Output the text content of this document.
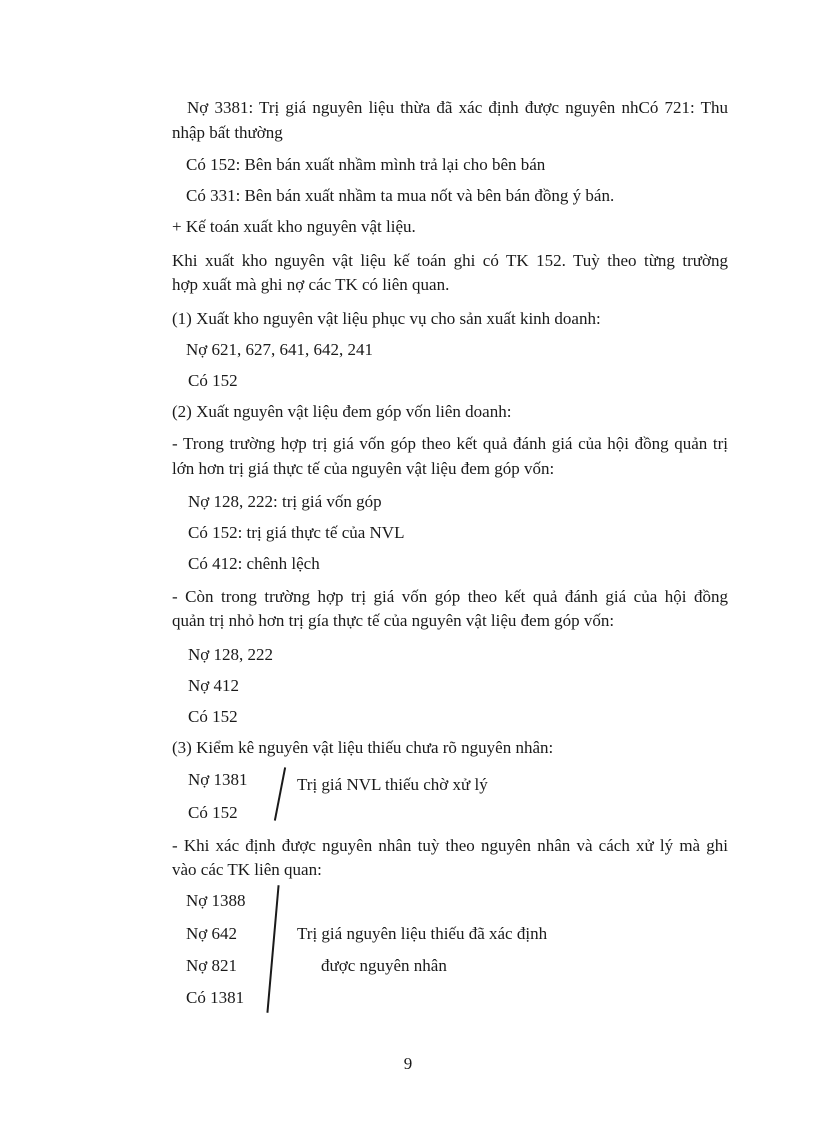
Nợ 3381: Trị giá nguyên liệu thừa đã xác định được nguyên nhCó 721: Thu
nhập bất thường
Có 152: Bên bán xuất nhầm mình trả lại cho bên bán
Có 331: Bên bán xuất nhầm ta mua nốt và bên bán đồng ý bán.
+ Kế toán xuất kho nguyên vật liệu.
Khi xuất kho nguyên vật liệu kế toán ghi có TK 152. Tuỳ theo từng trường
hợp xuất mà ghi nợ các TK có liên quan.
(1) Xuất kho nguyên vật liệu phục vụ cho sản xuất kinh doanh:
Nợ 621, 627, 641, 642, 241
Có 152
(2) Xuất nguyên vật liệu đem góp vốn liên doanh:
- Trong trường hợp trị giá vốn góp theo kết quả đánh giá của hội đồng quản trị
lớn hơn trị giá thực tế của nguyên vật liệu đem góp vốn:
Nợ 128, 222: trị giá vốn góp
Có 152: trị giá thực tế của NVL
Có 412: chênh lệch
- Còn trong trường hợp trị giá vốn góp theo kết quả đánh giá của hội đồng
quản trị nhỏ hơn trị gía thực tế của nguyên vật liệu đem góp vốn:
Nợ 128, 222
Nợ 412
Có 152
(3) Kiểm kê nguyên vật liệu thiếu chưa rõ nguyên nhân:
Nợ 1381	Trị giá NVL thiếu chờ xử lý
Có 152
- Khi xác định được nguyên nhân tuỳ theo nguyên nhân và cách xử lý mà ghi
vào các TK liên quan:
Nợ 1388
Nợ 642	Trị giá nguyên liệu thiếu đã xác định
Nợ 821	được nguyên nhân
Có 1381
9
